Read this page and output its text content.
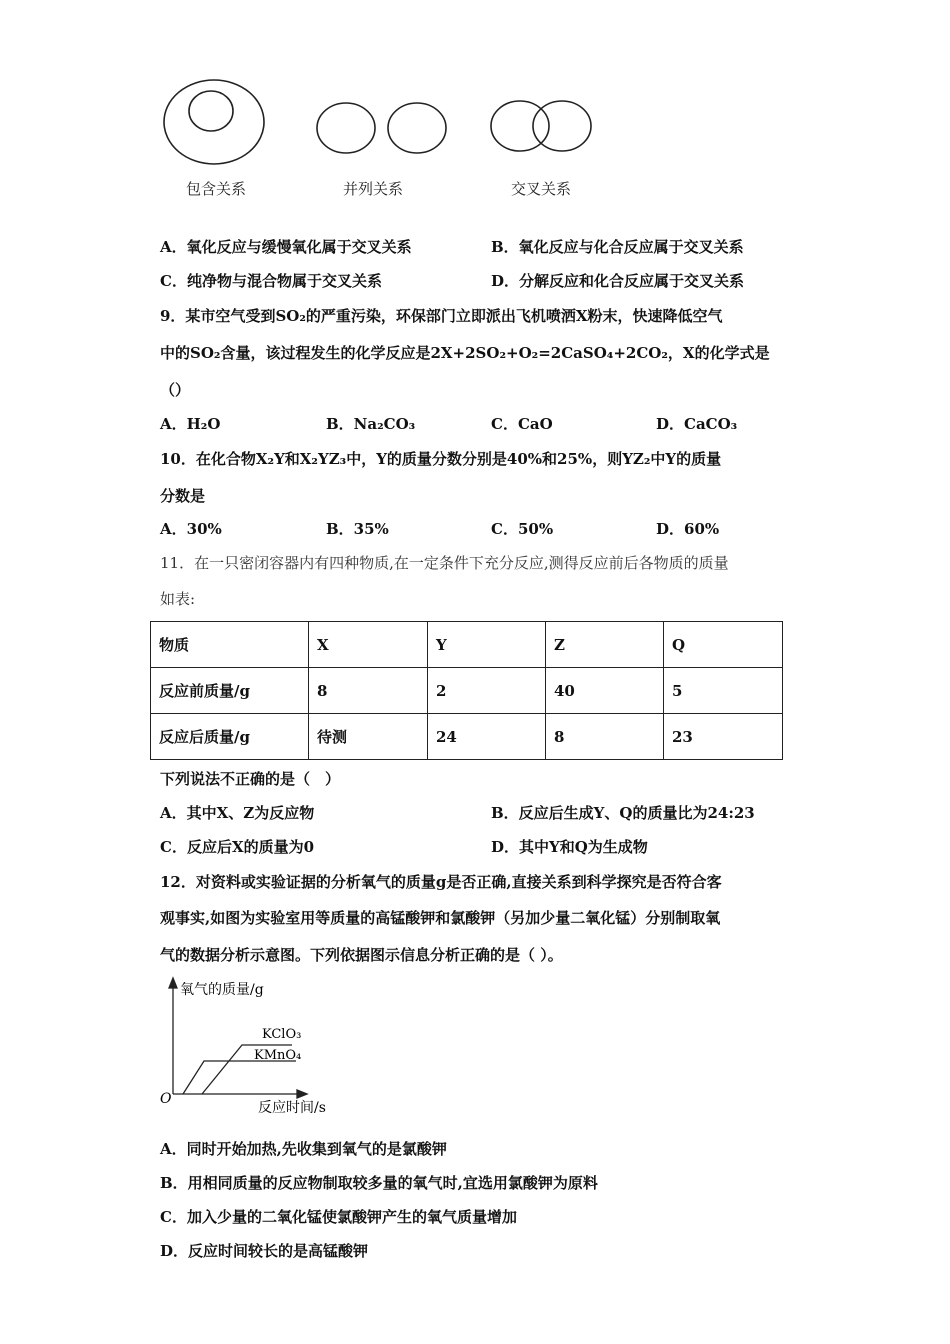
包含关系	并列关系	交叉关系
A．氧化反应与缓慢氧化属于交叉关系	B．氧化反应与化合反应属于交叉关系
C．纯净物与混合物属于交叉关系	D．分解反应和化合反应属于交叉关系
9．某市空气受到SO₂的严重污染，环保部门立即派出飞机喷洒X粉末，快速降低空气
中的SO₂含量，该过程发生的化学反应是2X+2SO₂+O₂=2CaSO₄+2CO₂，X的化学式是
（）
A．H₂O	B．Na₂CO₃	C．CaO	D．CaCO₃
10．在化合物X₂Y和X₂YZ₃中，Y的质量分数分别是40%和25%，则YZ₂中Y的质量
分数是
A．30%	B．35%	C．50%	D．60%
11．在一只密闭容器内有四种物质,在一定条件下充分反应,测得反应前后各物质的质量
如表:
物质	X	Y	Z	Q
反应前质量/g	8	2	40	5
反应后质量/g	待测	24	8	23
下列说法不正确的是（　）
A．其中X、Z为反应物	B．反应后生成Y、Q的质量比为24:23
C．反应后X的质量为0	D．其中Y和Q为生成物
12．对资料或实验证据的分析氧气的质量g是否正确,直接关系到科学探究是否符合客
观事实,如图为实验室用等质量的高锰酸钾和氯酸钾（另加少量二氧化锰）分别制取氧
气的数据分析示意图。下列依据图示信息分析正确的是（ ）。
氧气的质量/g
反应时间/s
O
KClO₃
KMnO₄
A．同时开始加热,先收集到氧气的是氯酸钾
B．用相同质量的反应物制取较多量的氧气时,宜选用氯酸钾为原料
C．加入少量的二氧化锰使氯酸钾产生的氧气质量增加
D．反应时间较长的是高锰酸钾
